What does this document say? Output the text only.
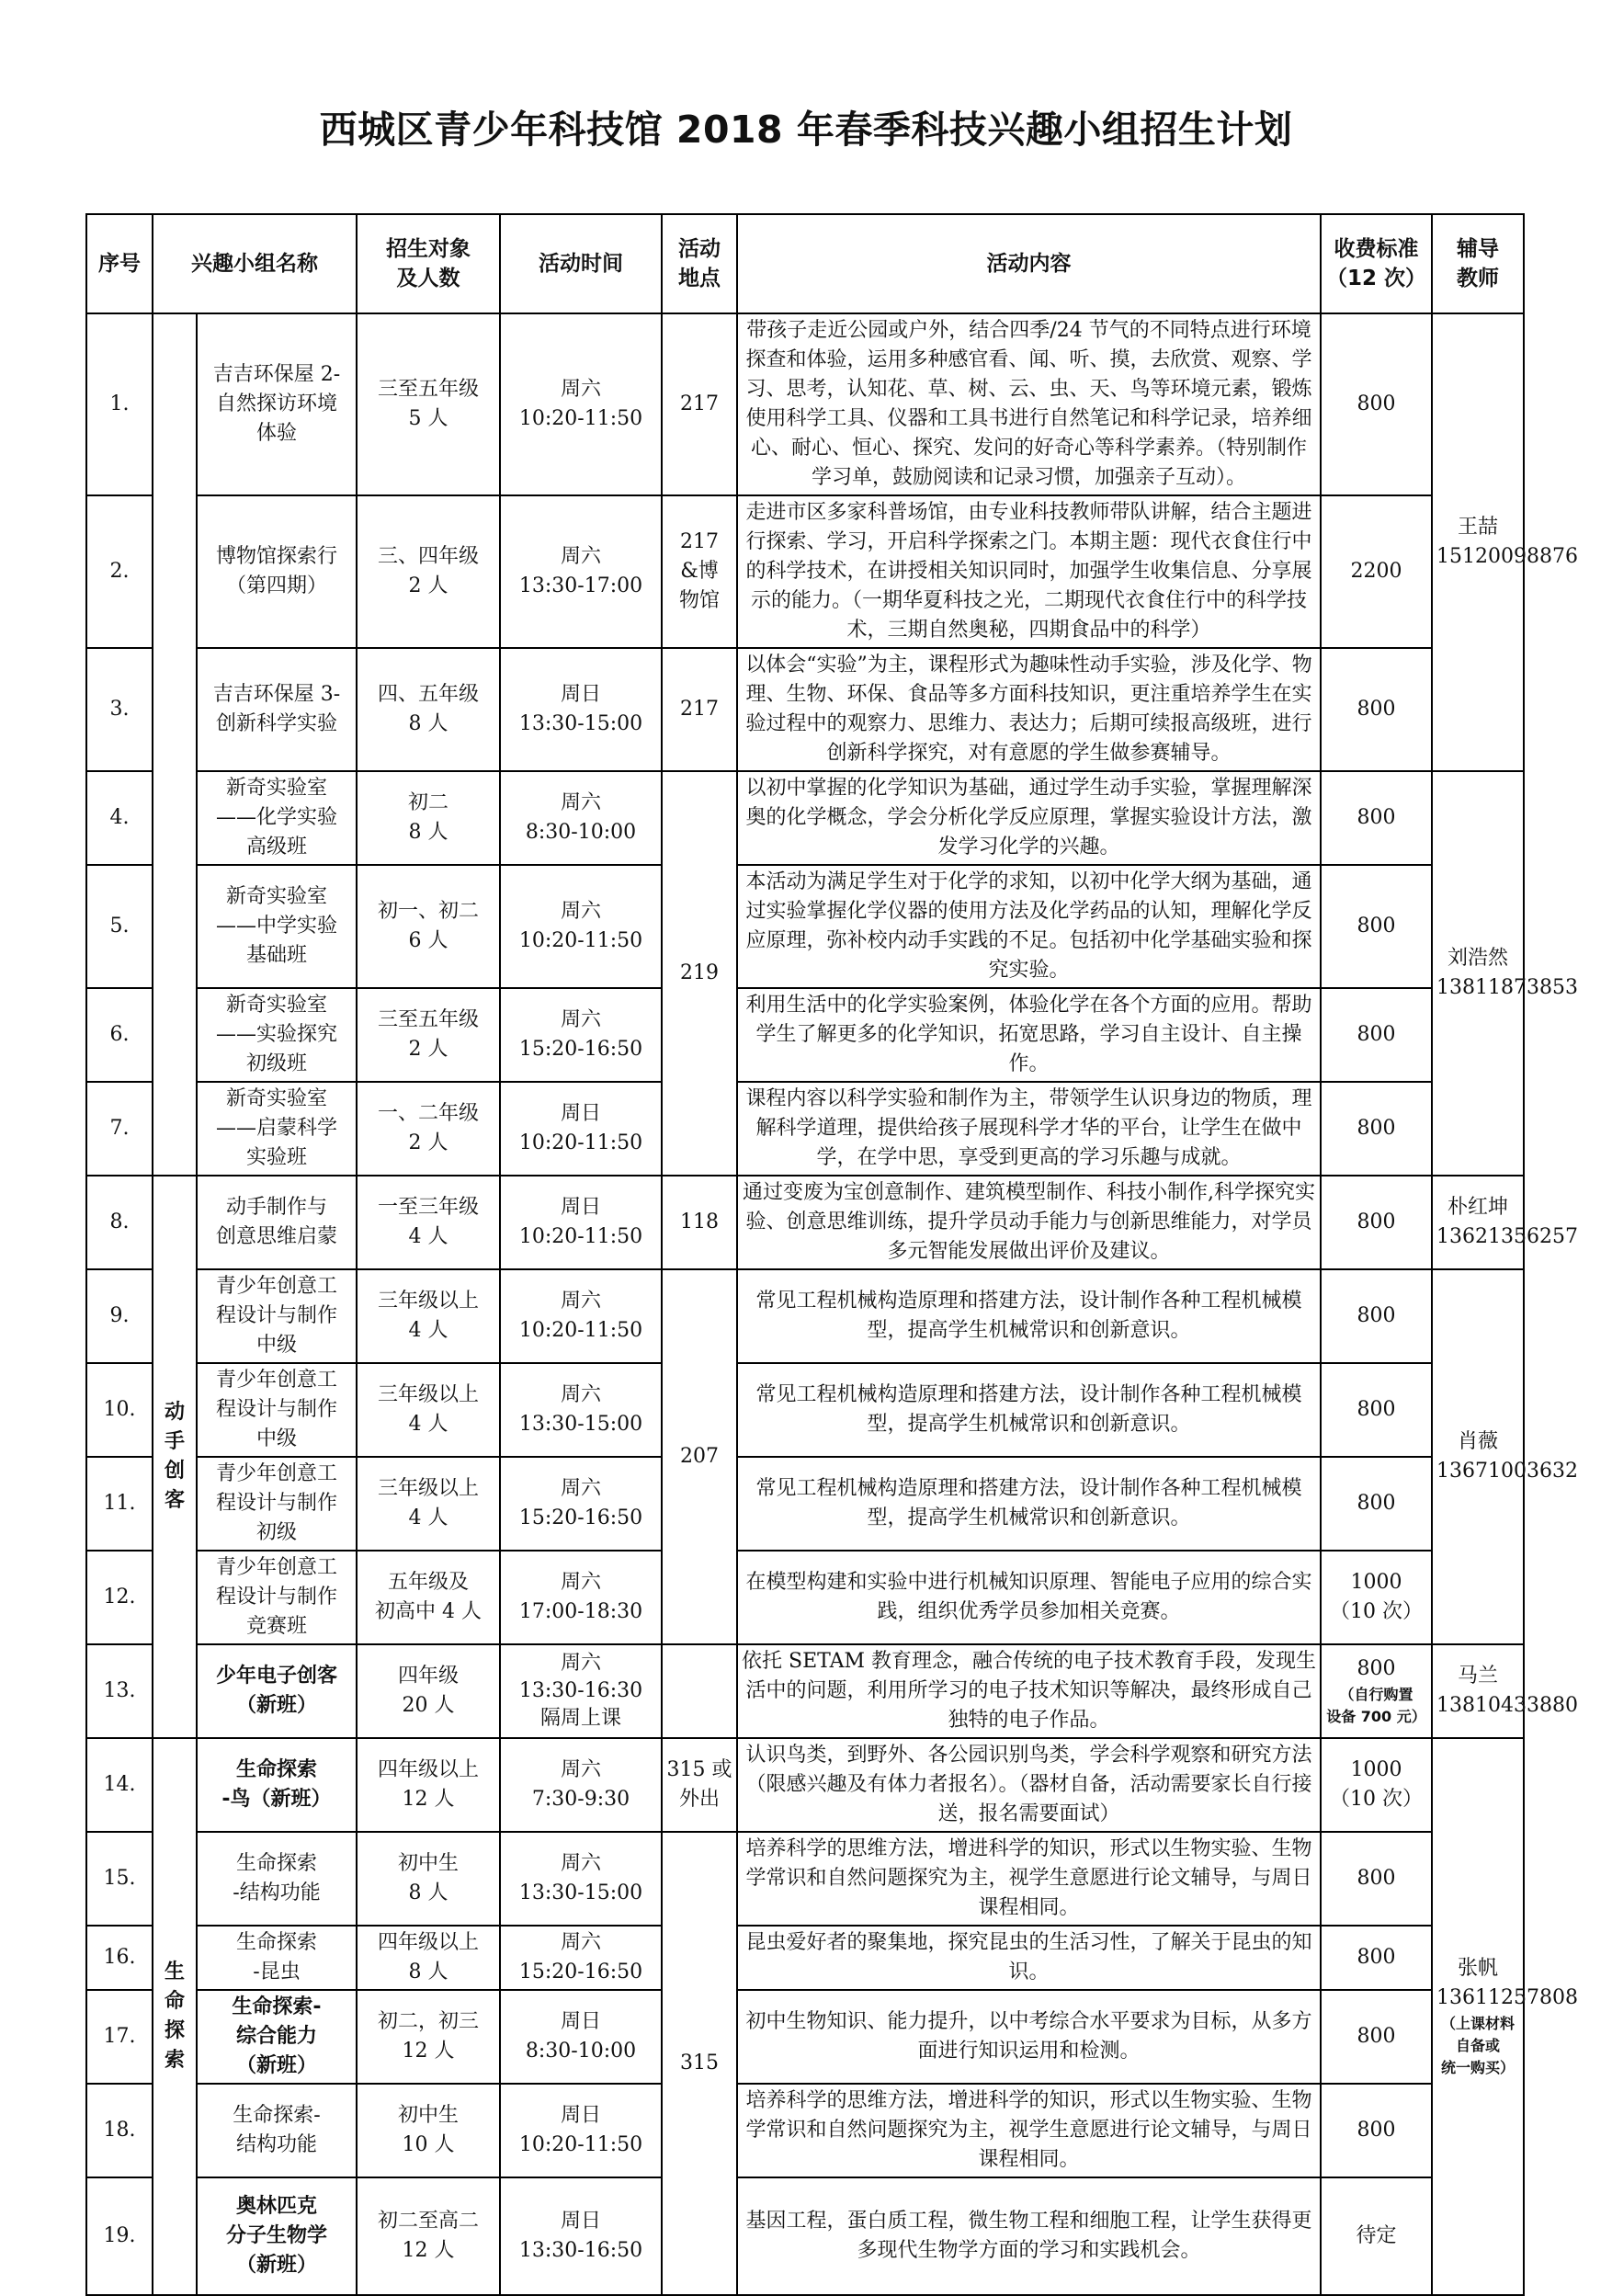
西城区青少年科技馆 2018 年春季科技兴趣小组招生计划
序号	兴趣小组名称		招生对象
及人数	活动时间	活动
地点	活动内容	收费标准
（12 次）	辅导
教师

1.		吉吉环保屋 2-
自然探访环境
体验	三至五年级
5 人	周六
10:20-11:50	217	带孩子走近公园或户外，结合四季/24 节气的不同特点进行环境探查和体验，运用多种感官看、闻、听、摸，去欣赏、观察、学习、思考，认知花、草、树、云、虫、天、鸟等环境元素，锻炼使用科学工具、仪器和工具书进行自然笔记和科学记录，培养细心、耐心、恒心、探究、发问的好奇心等科学素养。（特别制作学习单，鼓励阅读和记录习惯，加强亲子互动）。	800	王喆
15120098876

2.		博物馆探索行
（第四期）	三、四年级
2 人	周六
13:30-17:00	217
&博
物馆	走进市区多家科普场馆，由专业科技教师带队讲解，结合主题进行探索、学习，开启科学探索之门。本期主题：现代衣食住行中的科学技术，在讲授相关知识同时，加强学生收集信息、分享展示的能力。（一期华夏科技之光，二期现代衣食住行中的科学技术，三期自然奥秘，四期食品中的科学）	2200	
3.		吉吉环保屋 3-
创新科学实验	四、五年级
8 人	周日
13:30-15:00	217	以体会“实验”为主，课程形式为趣味性动手实验，涉及化学、物理、生物、环保、食品等多方面科技知识，更注重培养学生在实验过程中的观察力、思维力、表达力；后期可续报高级班，进行创新科学探究，对有意愿的学生做参赛辅导。	800	
4.		新奇实验室
——化学实验
高级班	初二
8 人	周六
8:30-10:00	219	以初中掌握的化学知识为基础，通过学生动手实验，掌握理解深奥的化学概念，学会分析化学反应原理，掌握实验设计方法，激发学习化学的兴趣。	800	刘浩然
13811873853

5.		新奇实验室
——中学实验
基础班	初一、初二
6 人	周六
10:20-11:50		本活动为满足学生对于化学的求知，以初中化学大纲为基础，通过实验掌握化学仪器的使用方法及化学药品的认知，理解化学反应原理，弥补校内动手实践的不足。包括初中化学基础实验和探究实验。	800	
6.		新奇实验室
——实验探究
初级班	三至五年级
2 人	周六
15:20-16:50		利用生活中的化学实验案例，体验化学在各个方面的应用。帮助学生了解更多的化学知识，拓宽思路，学习自主设计、自主操作。	800	
7.		新奇实验室
——启蒙科学
实验班	一、二年级
2 人	周日
10:20-11:50		课程内容以科学实验和制作为主，带领学生认识身边的物质，理解科学道理，提供给孩子展现科学才华的平台，让学生在做中学，在学中思，享受到更高的学习乐趣与成就。	800	
8.	动
手
创
客	动手制作与
创意思维启蒙	一至三年级
4 人	周日
10:20-11:50	118	通过变废为宝创意制作、建筑模型制作、科技小制作,科学探究实验、创意思维训练，提升学员动手能力与创新思维能力，对学员多元智能发展做出评价及建议。	800	朴红坤
13621356257

9.		青少年创意工
程设计与制作
中级	三年级以上
4 人	周六
10:20-11:50	207	常见工程机械构造原理和搭建方法，设计制作各种工程机械模型，提高学生机械常识和创新意识。	800	肖薇
13671003632

10.		青少年创意工
程设计与制作
中级	三年级以上
4 人	周六
13:30-15:00		常见工程机械构造原理和搭建方法，设计制作各种工程机械模型，提高学生机械常识和创新意识。	800	
11.		青少年创意工
程设计与制作
初级	三年级以上
4 人	周六
15:20-16:50		常见工程机械构造原理和搭建方法，设计制作各种工程机械模型，提高学生机械常识和创新意识。	800	
12.		青少年创意工
程设计与制作
竞赛班	五年级及
初高中 4 人	周六
17:00-18:30		在模型构建和实验中进行机械知识原理、智能电子应用的综合实践，组织优秀学员参加相关竞赛。	1000
（10 次）	

13.		少年电子创客
（新班）	四年级
20 人	周六
13:30-16:30
隔周上课		依托 SETAM 教育理念，融合传统的电子技术教育手段，发现生活中的问题，利用所学习的电子技术知识等解决，最终形成自己独特的电子作品。	800
（自行购置
设备 700 元）	马兰
13810433880

14.	生
命
探
索	生命探索
-鸟（新班）	四年级以上
12 人	周六
7:30-9:30	315 或
外出	认识鸟类，到野外、各公园识别鸟类，学会科学观察和研究方法（限感兴趣及有体力者报名）。（器材自备，活动需要家长自行接送，报名需要面试）	1000
（10 次）	张帆
13611257808
（上课材料自备或
统一购买）

15.		生命探索
-结构功能	初中生
8 人	周六
13:30-15:00	315	培养科学的思维方法，增进科学的知识，形式以生物实验、生物学常识和自然问题探究为主，视学生意愿进行论文辅导，与周日课程相同。	800	
16.		生命探索
-昆虫	四年级以上
8 人	周六
15:20-16:50		昆虫爱好者的聚集地，探究昆虫的生活习性，了解关于昆虫的知识。	800	
17.		生命探索-
综合能力
（新班）	初二，初三
12 人	周日
8:30-10:00		初中生物知识、能力提升，以中考综合水平要求为目标，从多方面进行知识运用和检测。	800	
18.		生命探索-
结构功能	初中生
10 人	周日
10:20-11:50		培养科学的思维方法，增进科学的知识，形式以生物实验、生物学常识和自然问题探究为主，视学生意愿进行论文辅导，与周日课程相同。	800	
19.		奥林匹克
分子生物学
（新班）	初二至高二
12 人	周日
13:30-16:50		基因工程，蛋白质工程，微生物工程和细胞工程，让学生获得更多现代生物学方面的学习和实践机会。	待定	
